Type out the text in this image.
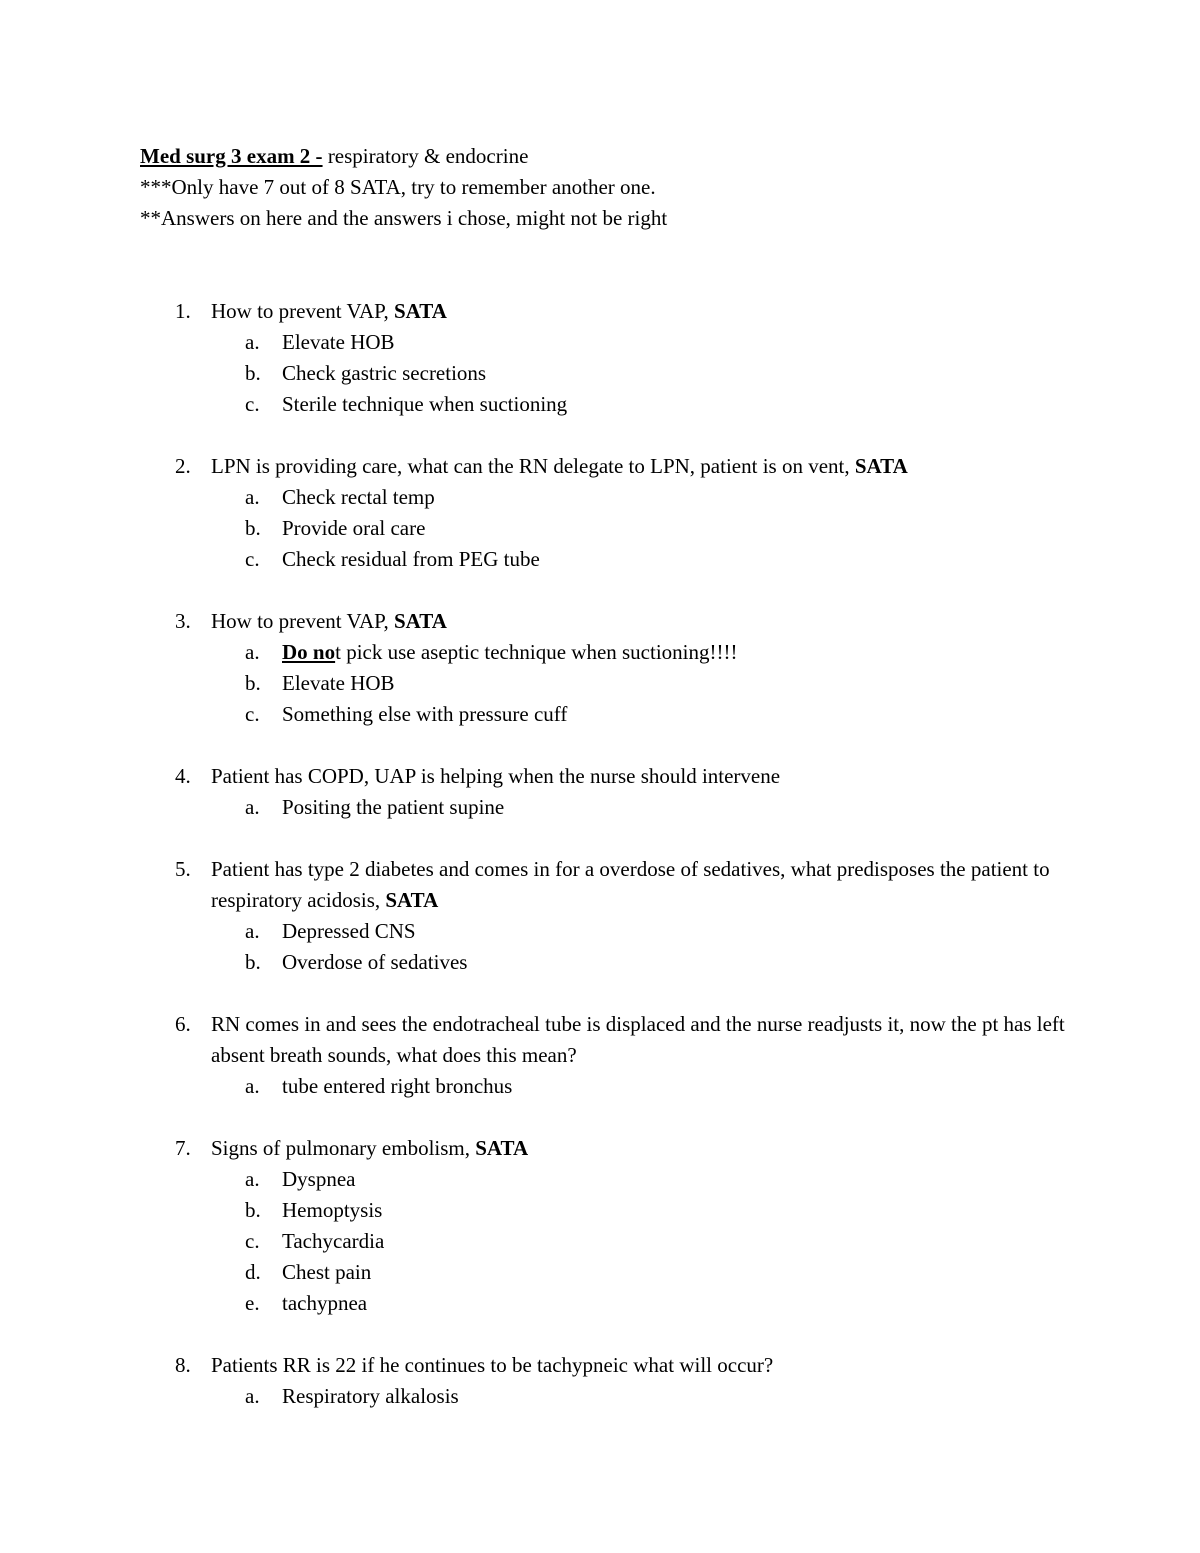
Med surg 3 exam 2 - respiratory & endocrine
***Only have 7 out of 8 SATA, try to remember another one.
**Answers on here and the answers i chose, might not be right
1. How to prevent VAP, SATA
a. Elevate HOB
b. Check gastric secretions
c. Sterile technique when suctioning
2. LPN is providing care, what can the RN delegate to LPN, patient is on vent, SATA
a. Check rectal temp
b. Provide oral care
c. Check residual from PEG tube
3. How to prevent VAP, SATA
a. Do not pick use aseptic technique when suctioning!!!!
b. Elevate HOB
c. Something else with pressure cuff
4. Patient has COPD, UAP is helping when the nurse should intervene
a. Positing the patient supine
5. Patient has type 2 diabetes and comes in for a overdose of sedatives, what predisposes the patient to respiratory acidosis, SATA
a. Depressed CNS
b. Overdose of sedatives
6. RN comes in and sees the endotracheal tube is displaced and the nurse readjusts it, now the pt has left absent breath sounds, what does this mean?
a. tube entered right bronchus
7. Signs of pulmonary embolism, SATA
a. Dyspnea
b. Hemoptysis
c. Tachycardia
d. Chest pain
e. tachypnea
8. Patients RR is 22 if he continues to be tachypneic what will occur?
a. Respiratory alkalosis
